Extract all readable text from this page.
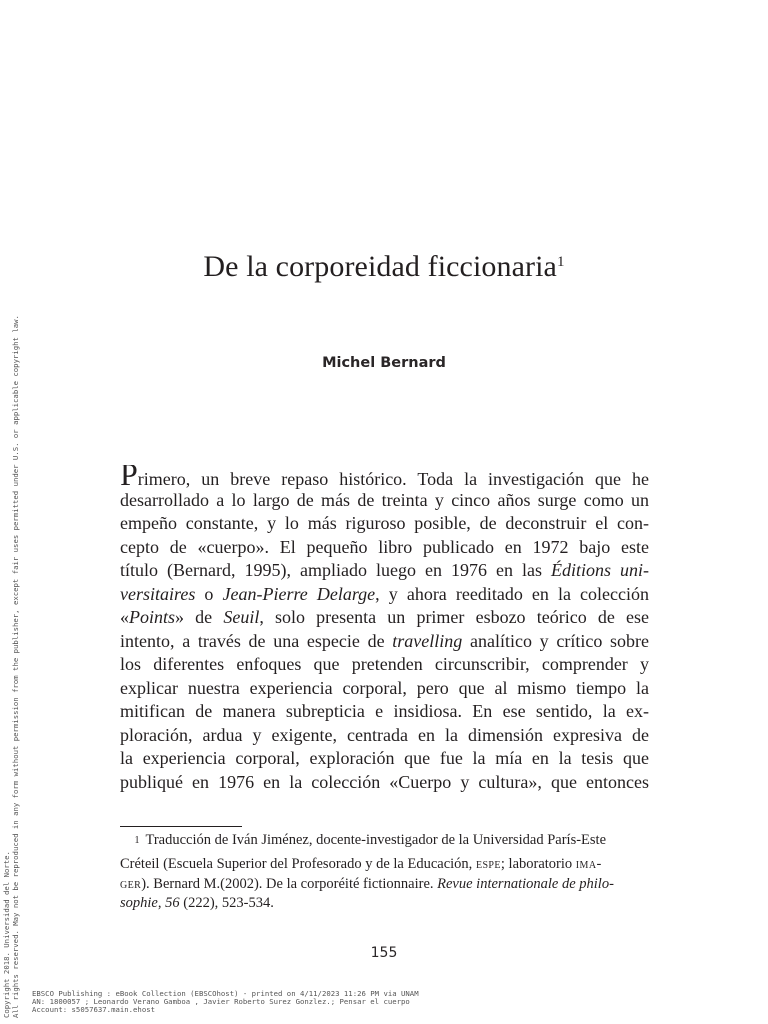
De la corporeidad ficcionaria$^1$
Michel Bernard
Primero, un breve repaso histórico. Toda la investigación que he
desarrollado a lo largo de más de treinta y cinco años surge como un
empeño constante, y lo más riguroso posible, de deconstruir el con-
cepto de «cuerpo». El pequeño libro publicado en 1972 bajo este
título (Bernard, 1995), ampliado luego en 1976 en las Éditions uni-
versitaires o Jean-Pierre Delarge, y ahora reeditado en la colección
«Points» de Seuil, solo presenta un primer esbozo teórico de ese
intento, a través de una especie de travelling analítico y crítico sobre
los diferentes enfoques que pretenden circunscribir, comprender y
explicar nuestra experiencia corporal, pero que al mismo tiempo la
mitifican de manera subrepticia e insidiosa. En ese sentido, la ex-
ploración, ardua y exigente, centrada en la dimensión expresiva de
la experiencia corporal, exploración que fue la mía en la tesis que
publiqué en 1976 en la colección «Cuerpo y cultura», que entonces
 $^1$ Traducción de Iván Jiménez, docente-investigador de la Universidad París-Este
Créteil (Escuela Superior del Profesorado y de la Educación, espe; laboratorio ima-
ger). Bernard M.(2002). De la corporéité fictionnaire. Revue internationale de philo-
sophie, 56 (222), 523-534.
155
EBSCO Publishing : eBook Collection (EBSCOhost) - printed on 4/11/2023 11:26 PM via UNAM
AN: 1800057 ; Leonardo Verano Gamboa , Javier Roberto Surez Gonzlez.; Pensar el cuerpo
Account: s5057637.main.ehost
Copyright 2018. Universidad del Norte. All rights reserved. May not be reproduced in any form without permission from the publisher, except fair uses permitted under U.S. or applicable copyright law.
